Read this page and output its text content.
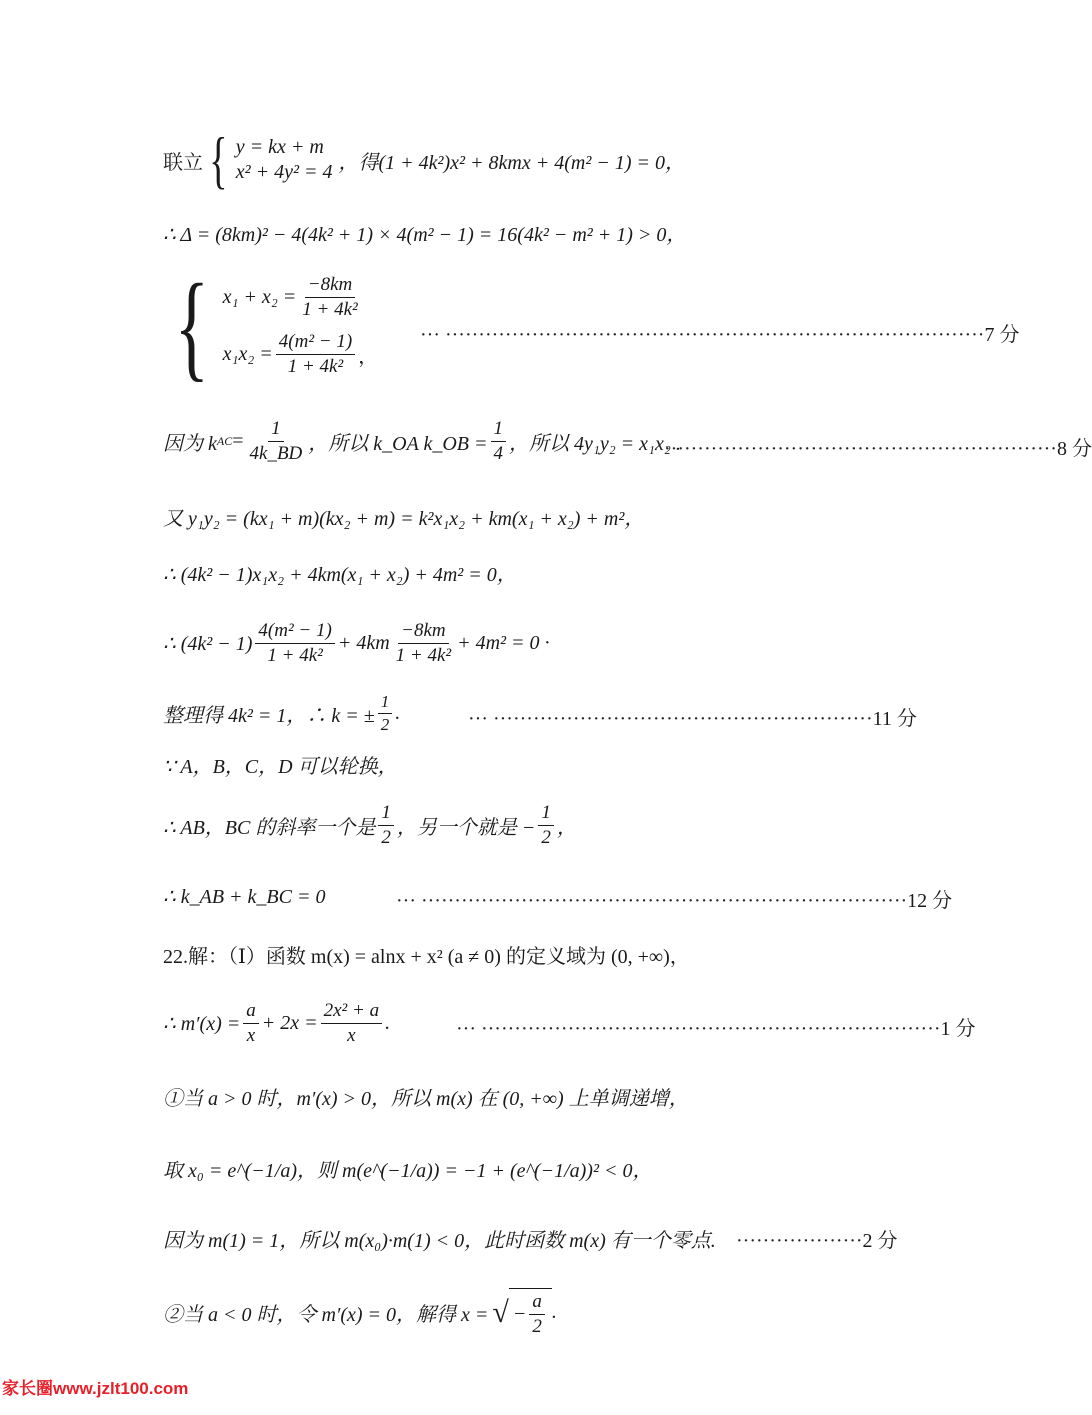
联立 { y = kx + m
x² + 4y² = 4 ，得(1 + 4k²)x² + 8kmx + 4(m² − 1) = 0，
∴ Δ = (8km)² − 4(4k² + 1) × 4(m² − 1) = 16(4k² − m² + 1) > 0，
{ $x_1 + x_2 = \frac{-8km}{\text{1 + 4k²}}$
$x_1x_2 = \frac{\text{4(m² − 1)}}{\text{1 + 4k²}}$ ，
··· ·················································································7 分
因为 k AC = $\frac{1}{4k\_BD}$ ，所以 k_OA k_OB = $\frac{1}{4}$ ，所以 4y₁y₂ = x₁x₂ .
···························································8 分
又 y₁y₂ = (kx₁ + m)(kx₂ + m) = k²x₁x₂ + km(x₁ + x₂) + m²，
∴ (4k² − 1)x₁x₂ + 4km(x₁ + x₂) + 4m² = 0，
∴ $(4k^2 - 1) \frac{\text{4(m² − 1)}}{\text{1 + 4k²}} + 4km \frac{-8km}{\text{1 + 4k²}} + 4m^2 = 0$ ·
整理得 4k² = 1，∴ k = ± $\frac{1}{2}$ .	··· ·························································11 分
∵ A，B，C，D 可以轮换，
∴ AB，BC 的斜率一个是 $\frac{1}{2}$ ，另一个就是 − $\frac{1}{2}$ ，
∴ k_AB + k_BC = 0	··· ·········································································12 分
22.解：（Ⅰ）函数 m(x) = alnx + x² (a ≠ 0) 的定义域为 (0, +∞)，
∴ $m'(x) = \frac{a}{x} + 2x = \frac{\text{2x² + a}}{x}$ .	··· ·····································································1 分
①当 a > 0 时，m′(x) > 0，所以 m(x) 在 (0, +∞) 上单调递增，
取 x₀ = e^(−1/a)，则 m(e^(−1/a)) = −1 + (e^(−1/a))² < 0，
因为 m(1) = 1，所以 m(x₀)·m(1) < 0，此时函数 m(x) 有一个零点. ···················2 分
②当 a < 0 时，令 m′(x) = 0，解得 x = √ − $\frac{a}{2}$ .
家长圈www.jzlt100.com
